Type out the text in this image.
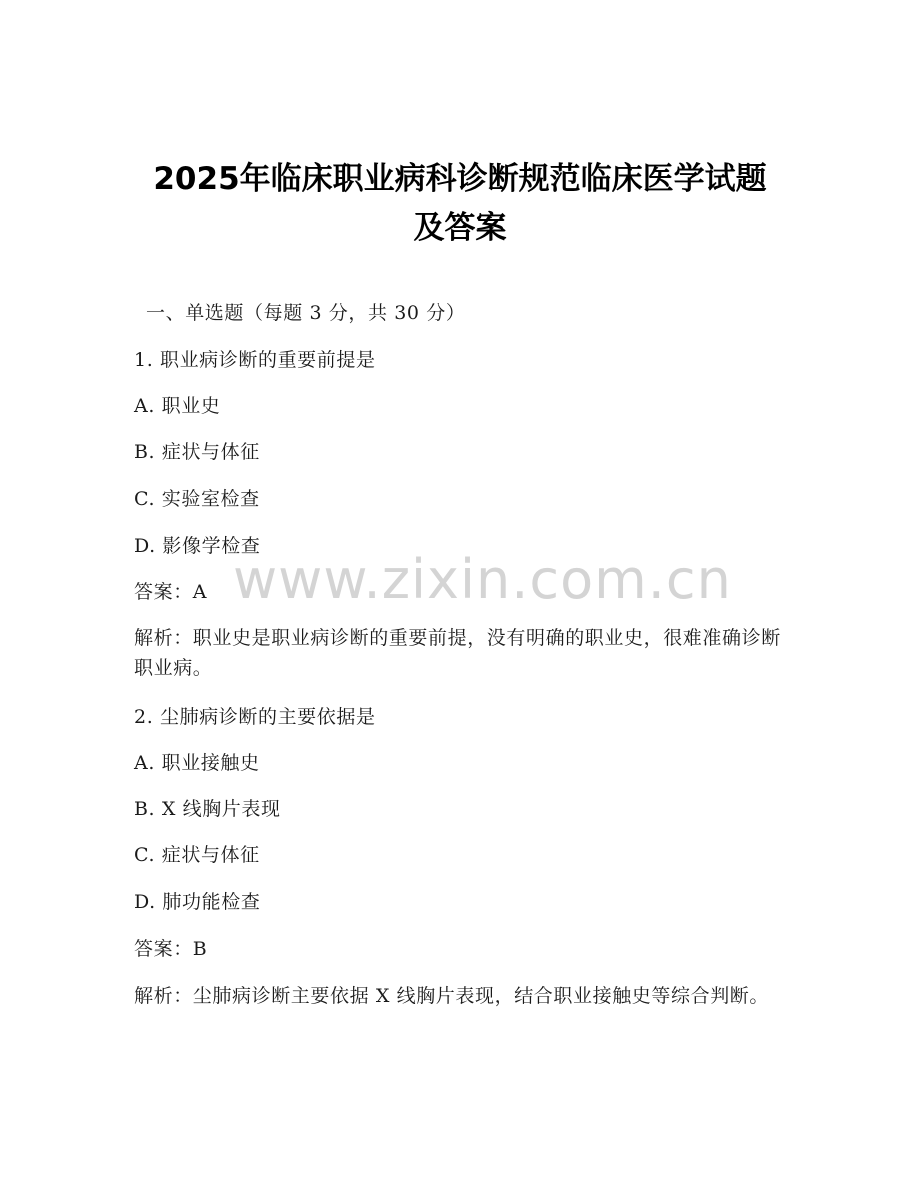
2025年临床职业病科诊断规范临床医学试题
及答案
一、单选题（每题 3 分，共 30 分）
1. 职业病诊断的重要前提是
A. 职业史
B. 症状与体征
C. 实验室检查
D. 影像学检查
答案：A
解析：职业史是职业病诊断的重要前提，没有明确的职业史，很难准确诊断职业病。
2. 尘肺病诊断的主要依据是
A. 职业接触史
B. X 线胸片表现
C. 症状与体征
D. 肺功能检查
答案：B
解析：尘肺病诊断主要依据 X 线胸片表现，结合职业接触史等综合判断。
www.zixin.com.cn
